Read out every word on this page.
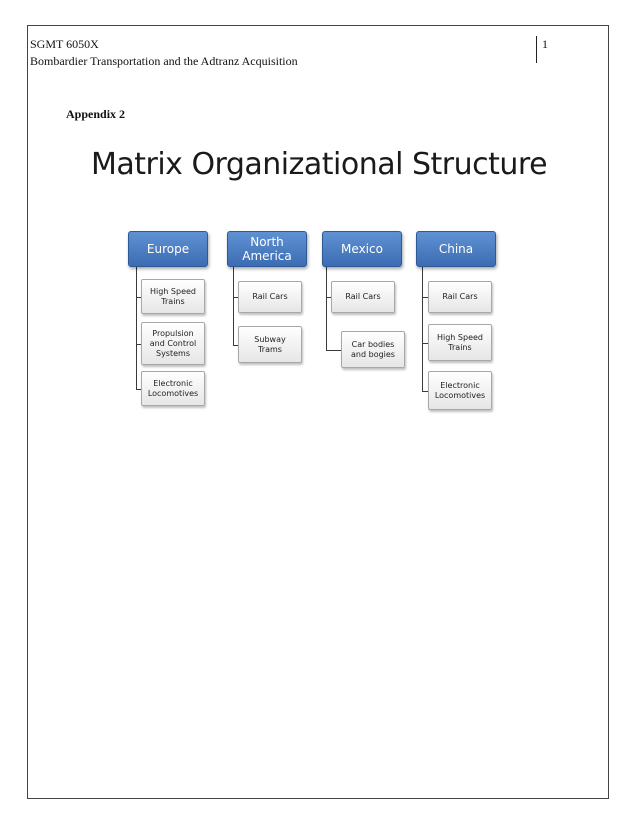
SGMT 6050X
Bombardier Transportation and the Adtranz Acquisition
1
Appendix 2
Matrix Organizational Structure
Europe
High Speed
Trains
Propulsion
and Control
Systems
Electronic
Locomotives
North
America
Rail Cars
Subway
Trams
Mexico
Rail Cars
Car bodies
and bogies
China
Rail Cars
High Speed
Trains
Electronic
Locomotives
